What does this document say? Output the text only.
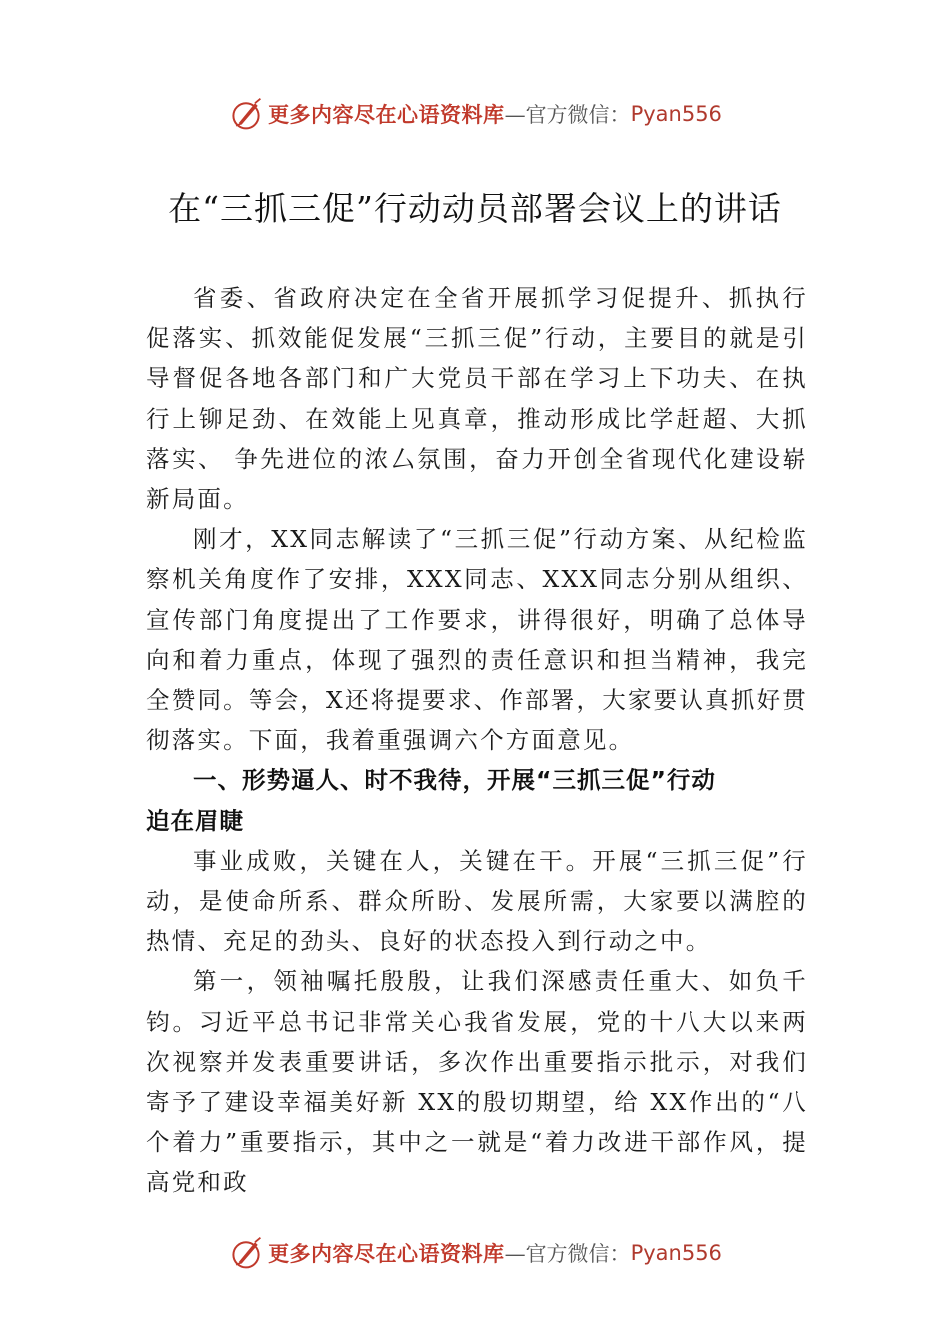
更多内容尽在心语资料库 —官方微信： Pyan556
在“三抓三促”行动动员部署会议上的讲话

省委、省政府决定在全省开展抓学习促提升、抓执行促落实、抓效能促发展“三抓三促”行动，主要目的就是引导督促各地各部门和广大党员干部在学习上下功夫、在执行上铆足劲、在效能上见真章，推动形成比学赶超、大抓落实、 争先进位的浓厶氛围，奋力开创全省现代化建设崭新局面。

刚才，XX同志解读了“三抓三促”行动方案、从纪检监察机关角度作了安排，XXX同志、XXX同志分别从组织、宣传部门角度提出了工作要求，讲得很好，明确了总体导向和着力重点，体现了强烈的责任意识和担当精神，我完全赞同。等会，X还将提要求、作部署，大家要认真抓好贯彻落实。下面，我着重强调六个方面意见。

一、形势逼人、时不我待，开展“三抓三促”行动

迫在眉睫

事业成败，关键在人，关键在干。开展“三抓三促”行动，是使命所系、群众所盼、发展所需，大家要以满腔的热情、充足的劲头、良好的状态投入到行动之中。

第一，领袖嘱托殷殷，让我们深感责任重大、如负千钧。习近平总书记非常关心我省发展，党的十八大以来两次视察并发表重要讲话，多次作出重要指示批示，对我们寄予了建设幸福美好新 XX的殷切期望，给 XX作出的“八个着力”重要指示，其中之一就是“着力改进干部作风，提高党和政

更多内容尽在心语资料库 —官方微信： Pyan556
